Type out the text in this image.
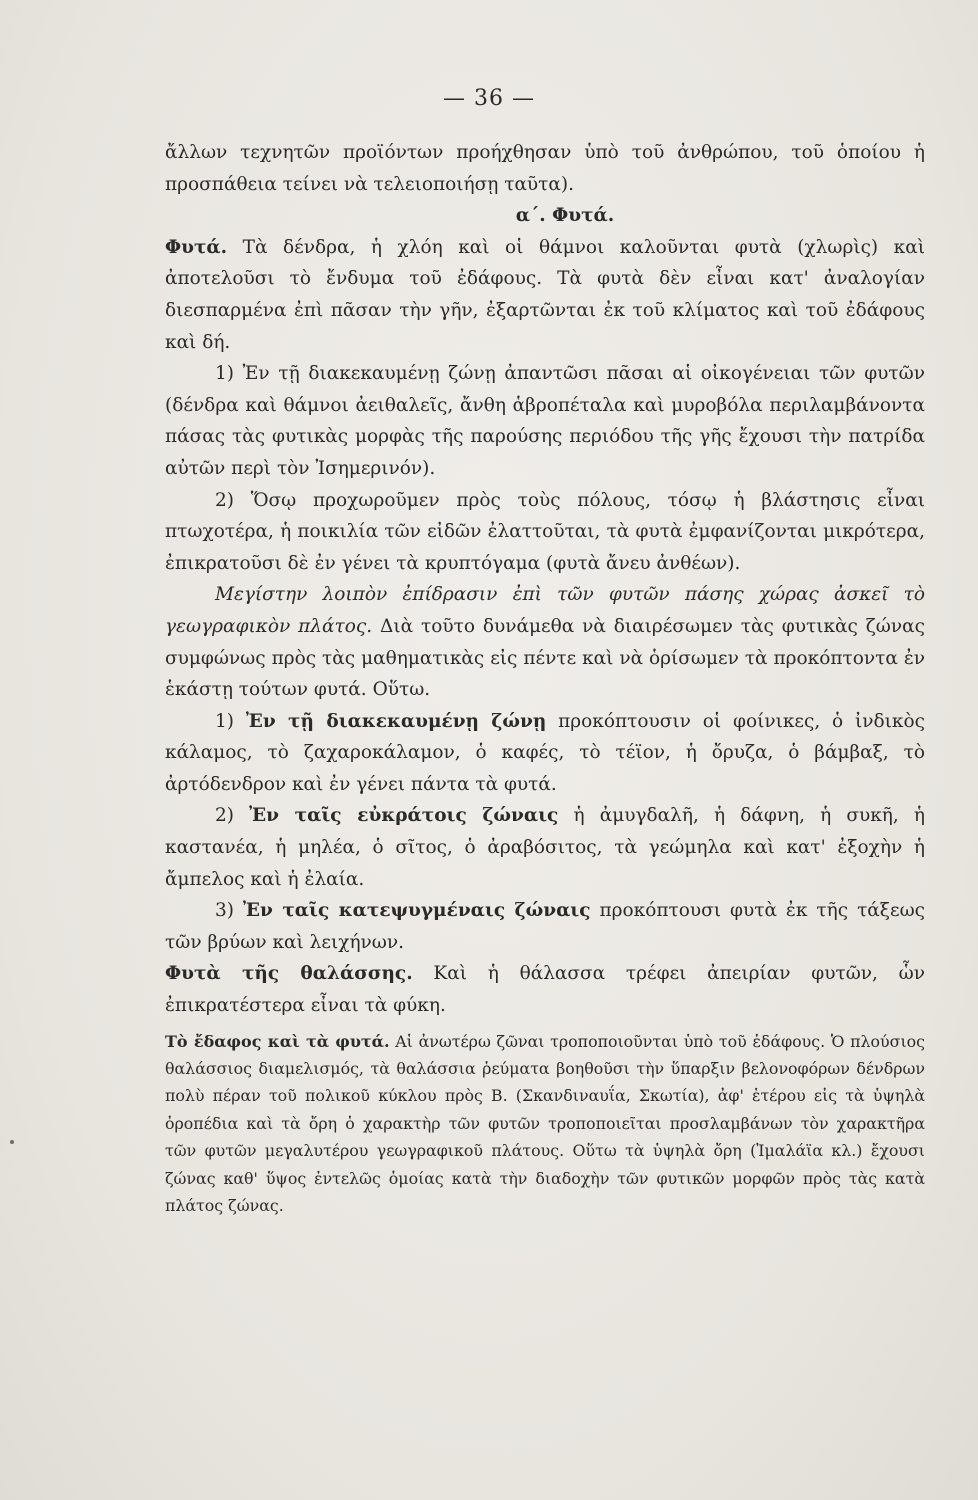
— 36 —

ἄλλων τεχνητῶν προϊόντων προήχθησαν ὑπὸ τοῦ ἀνθρώπου, τοῦ ὁποίου ἡ προσπάθεια τείνει νὰ τελειοποιήσῃ ταῦτα).

α΄. Φυτά.

Φυτά. Τὰ δένδρα, ἡ χλόη καὶ οἱ θάμνοι καλοῦνται φυτὰ (χλωρὶς) καὶ ἀποτελοῦσι τὸ ἔνδυμα τοῦ ἐδάφους. Τὰ φυτὰ δὲν εἶναι κατ' ἀναλογίαν διεσπαρμένα ἐπὶ πᾶσαν τὴν γῆν, ἐξαρτῶνται ἐκ τοῦ κλίματος καὶ τοῦ ἐδάφους καὶ δή.

1) Ἐν τῇ διακεκαυμένῃ ζώνῃ ἀπαντῶσι πᾶσαι αἱ οἰκογένειαι τῶν φυτῶν (δένδρα καὶ θάμνοι ἀειθαλεῖς, ἄνθη ἁβροπέταλα καὶ μυροβόλα περιλαμβάνοντα πάσας τὰς φυτικὰς μορφὰς τῆς παρούσης περιόδου τῆς γῆς ἔχουσι τὴν πατρίδα αὐτῶν περὶ τὸν Ἰσημερινόν).

2) Ὅσῳ προχωροῦμεν πρὸς τοὺς πόλους, τόσῳ ἡ βλάστησις εἶναι πτωχοτέρα, ἡ ποικιλία τῶν εἰδῶν ἐλαττοῦται, τὰ φυτὰ ἐμφανίζονται μικρότερα, ἐπικρατοῦσι δὲ ἐν γένει τὰ κρυπτόγαμα (φυτὰ ἄνευ ἀνθέων).

Μεγίστην λοιπὸν ἐπίδρασιν ἐπὶ τῶν φυτῶν πάσης χώρας ἀσκεῖ τὸ γεωγραφικὸν πλάτος. Διὰ τοῦτο δυνάμεθα νὰ διαιρέσωμεν τὰς φυτικὰς ζώνας συμφώνως πρὸς τὰς μαθηματικὰς εἰς πέντε καὶ νὰ ὁρίσωμεν τὰ προκόπτοντα ἐν ἑκάστῃ τούτων φυτά. Οὕτω.

1) Ἐν τῇ διακεκαυμένῃ ζώνῃ προκόπτουσιν οἱ φοίνικες, ὁ ἰνδικὸς κάλαμος, τὸ ζαχαροκάλαμον, ὁ καφές, τὸ τέϊον, ἡ ὄρυζα, ὁ βάμβαξ, τὸ ἀρτόδενδρον καὶ ἐν γένει πάντα τὰ φυτά.

2) Ἐν ταῖς εὐκράτοις ζώναις ἡ ἀμυγδαλῆ, ἡ δάφνη, ἡ συκῆ, ἡ καστανέα, ἡ μηλέα, ὁ σῖτος, ὁ ἀραβόσιτος, τὰ γεώμηλα καὶ κατ' ἐξοχὴν ἡ ἄμπελος καὶ ἡ ἐλαία.

3) Ἐν ταῖς κατεψυγμέναις ζώναις προκόπτουσι φυτὰ ἐκ τῆς τάξεως τῶν βρύων καὶ λειχήνων.

Φυτὰ τῆς θαλάσσης. Καὶ ἡ θάλασσα τρέφει ἀπειρίαν φυτῶν, ὧν ἐπικρατέστερα εἶναι τὰ φύκη.

Τὸ ἔδαφος καὶ τὰ φυτά. Αἱ ἀνωτέρω ζῶναι τροποποιοῦνται ὑπὸ τοῦ ἐδάφους. Ὁ πλούσιος θαλάσσιος διαμελισμός, τὰ θαλάσσια ῥεύματα βοηθοῦσι τὴν ὕπαρξιν βελονοφόρων δένδρων πολὺ πέραν τοῦ πολικοῦ κύκλου πρὸς Β. (Σκανδιναυΐα, Σκωτία), ἀφ' ἑτέρου εἰς τὰ ὑψηλὰ ὀροπέδια καὶ τὰ ὄρη ὁ χαρακτὴρ τῶν φυτῶν τροποποιεῖται προσλαμβάνων τὸν χαρακτῆρα τῶν φυτῶν μεγαλυτέρου γεωγραφικοῦ πλάτους. Οὕτω τὰ ὑψηλὰ ὄρη (Ἰμαλάϊα κλ.) ἔχουσι ζώνας καθ' ὕψος ἐντελῶς ὁμοίας κατὰ τὴν διαδοχὴν τῶν φυτικῶν μορφῶν πρὸς τὰς κατὰ πλάτος ζώνας.
